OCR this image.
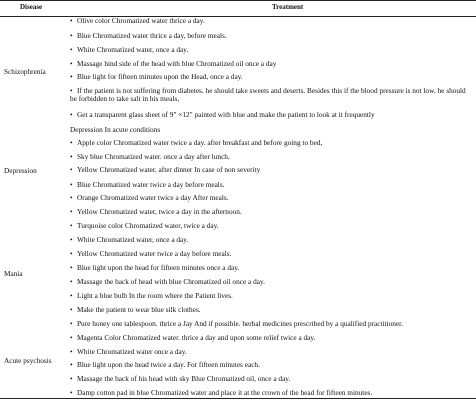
Disease	Treatment
Schizophrenia
• Olive color Chromatized water thrice a day.
• Blue Chromatized water thrice a day, before meals.
• White Chromatized water, once a day.
• Massage hind side of the head with blue Chromatized oil once a day
• Blue light for fifteen minutes upon the Head, once a day.
• If the patient is not suffering from diabetes. he should take sweets and deserts. Besides this if the blood pressure is not low. he should be forbidden to take salt in his meals,
• Get a transparent glass sheet of 9" ×12" painted with blue and make the patient to look at it frequently
Depression
Depression In acute conditions
• Apple color Chromatized water twice a day. after breakfast and before going to bed,
• Sky blue Chromatized water. once a day after lunch,
• Yellow Chromatized water. after dinner In case of non severity
• Blue Chromatized water twice a day before meals.
• Orange Chromatized water twice a day After meals.
• Yellow Chromatized water, twice a day in the afternoon.
• Turquoise color Chromatized water, twice a day.
Mania
• White Chromatized water, once a day.
• Yellow Chromatized water twice a day before meals.
• Blue light upon the head for fifteen minutes once a day.
• Massage the back of head with blue Chromatized oil once a day.
• Light a blue bulb In the room where the Patient lives.
• Make the patient to wear blue silk clothes.
• Pure honey one tablespoon. thrice a Jay And if possible. herbal medicines prescribed by a qualified practitioner.
• Magenta Color Chromatized water. thrice a day and upon some relief twice a day.
Acute psychosis
• White Chromatized water once a day.
• Blue light upon the head twice a day. For fifteen minutes each.
• Massage the back of his head with sky Blue Chromatized oil, once a day.
• Damp cotton pad in blue Chromatized water and place it at the crown of the head for fifteen minutes.
